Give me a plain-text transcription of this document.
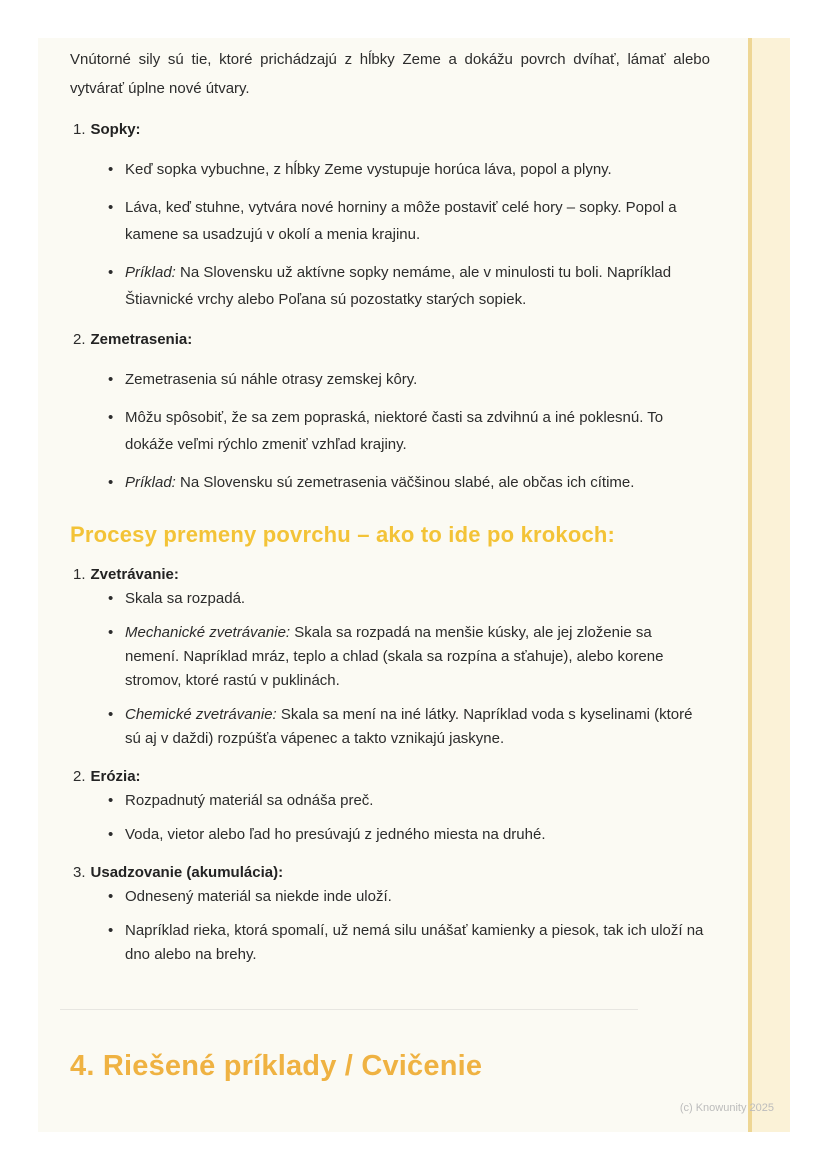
Vnútorné sily sú tie, ktoré prichádzajú z hĺbky Zeme a dokážu povrch dvíhať, lámať alebo vytvárať úplne nové útvary.

1. Sopky:

• Keď sopka vybuchne, z hĺbky Zeme vystupuje horúca láva, popol a plyny.
• Láva, keď stuhne, vytvára nové horniny a môže postaviť celé hory – sopky. Popol a kamene sa usadzujú v okolí a menia krajinu.
• Príklad: Na Slovensku už aktívne sopky nemáme, ale v minulosti tu boli. Napríklad Štiavnické vrchy alebo Poľana sú pozostatky starých sopiek.

2. Zemetrasenia:

• Zemetrasenia sú náhle otrasy zemskej kôry.
• Môžu spôsobiť, že sa zem popraská, niektoré časti sa zdvihnú a iné poklesnú. To dokáže veľmi rýchlo zmeniť vzhľad krajiny.
• Príklad: Na Slovensku sú zemetrasenia väčšinou slabé, ale občas ich cítime.
Procesy premeny povrchu – ako to ide po krokoch:

1. Zvetrávanie:

• Skala sa rozpadá.
• Mechanické zvetrávanie: Skala sa rozpadá na menšie kúsky, ale jej zloženie sa nemení. Napríklad mráz, teplo a chlad (skala sa rozpína a sťahuje), alebo korene stromov, ktoré rastú v puklinách.
• Chemické zvetrávanie: Skala sa mení na iné látky. Napríklad voda s kyselinami (ktoré sú aj v daždi) rozpúšťa vápenec a takto vznikajú jaskyne.

2. Erózia:

• Rozpadnutý materiál sa odnáša preč.
• Voda, vietor alebo ľad ho presúvajú z jedného miesta na druhé.

3. Usadzovanie (akumulácia):

• Odnesený materiál sa niekde inde uloží.
• Napríklad rieka, ktorá spomalí, už nemá silu unášať kamienky a piesok, tak ich uloží na dno alebo na brehy.
4. Riešené príklady / Cvičenie
(c) Knowunity 2025
